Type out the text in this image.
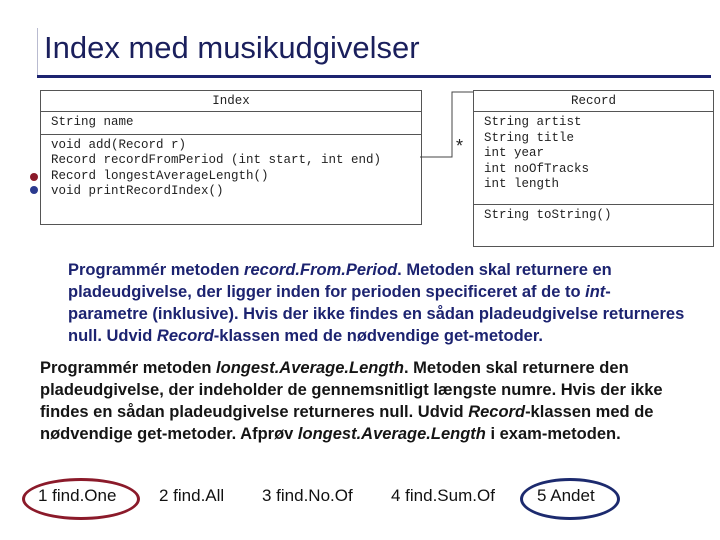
Index med musikudgivelser
Index
String name
void add(Record r)
Record recordFromPeriod (int start, int end)
Record longestAverageLength()
void printRecordIndex()
Record
String artist
String title
int year
int noOfTracks
int length
String toString()
*
Programmér metoden record.From.Period. Metoden skal returnere en pladeudgivelse, der ligger inden for perioden specificeret af de to int-parametre (inklusive). Hvis der ikke findes en sådan pladeudgivelse returneres null. Udvid Record-klassen med de nødvendige get-metoder.
Programmér metoden longest.Average.Length. Metoden skal returnere den pladeudgivelse, der indeholder de gennemsnitligt længste numre. Hvis der ikke findes en sådan pladeudgivelse returneres null. Udvid Record-klassen med de nødvendige get-metoder. Afprøv longest.Average.Length i exam-metoden.
1 find.One	2 find.All 3 find.No.Of 4 find.Sum.Of 5 Andet
